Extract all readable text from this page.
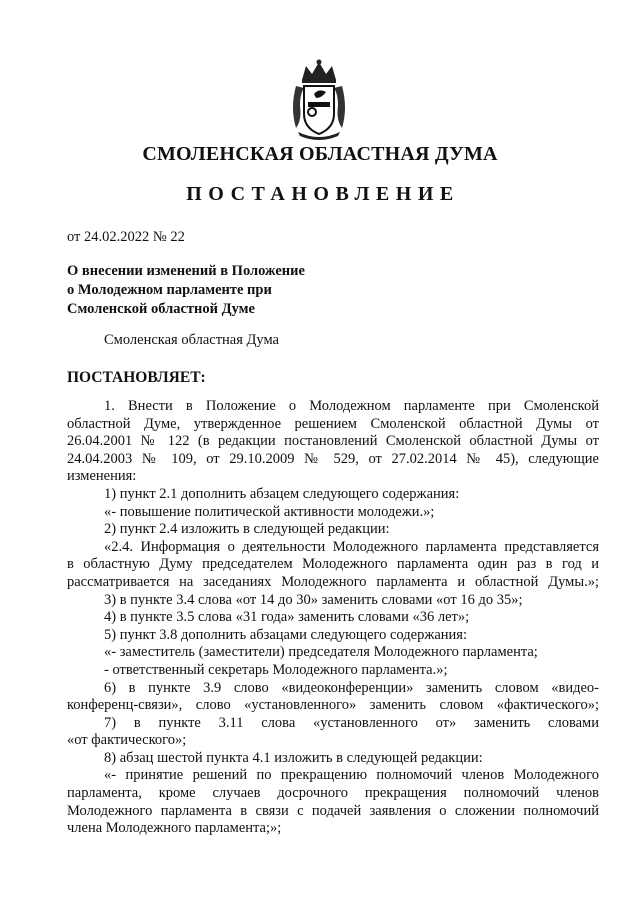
СМОЛЕНСКАЯ ОБЛАСТНАЯ ДУМА
ПОСТАНОВЛЕНИЕ
от 24.02.2022 № 22
О внесении изменений в Положение
о Молодежном парламенте при
Смоленской областной Думе
Смоленская областная Дума
ПОСТАНОВЛЯЕТ:
1. Внести в Положение о Молодежном парламенте при Смоленской
областной Думе, утвержденное решением Смоленской областной Думы от
26.04.2001 № 122 (в редакции постановлений Смоленской областной Думы от
24.04.2003 № 109, от 29.10.2009 № 529, от 27.02.2014 № 45), следующие
изменения:
1) пункт 2.1 дополнить абзацем следующего содержания:
«- повышение политической активности молодежи.»;
2) пункт 2.4 изложить в следующей редакции:
«2.4. Информация о деятельности Молодежного парламента представляется
в областную Думу председателем Молодежного парламента один раз в год и
рассматривается на заседаниях Молодежного парламента и областной Думы.»;
3) в пункте 3.4 слова «от 14 до 30» заменить словами «от 16 до 35»;
4) в пункте 3.5 слова «31 года» заменить словами «36 лет»;
5) пункт 3.8 дополнить абзацами следующего содержания:
«- заместитель (заместители) председателя Молодежного парламента;
- ответственный секретарь Молодежного парламента.»;
6) в пункте 3.9 слово «видеоконференции» заменить словом «видео-
конференц-связи», слово «установленного» заменить словом «фактического»;
7) в пункте 3.11 слова «установленного от» заменить словами
«от фактического»;
8) абзац шестой пункта 4.1 изложить в следующей редакции:
«- принятие решений по прекращению полномочий членов Молодежного
парламента, кроме случаев досрочного прекращения полномочий членов
Молодежного парламента в связи с подачей заявления о сложении полномочий
члена Молодежного парламента;»;
